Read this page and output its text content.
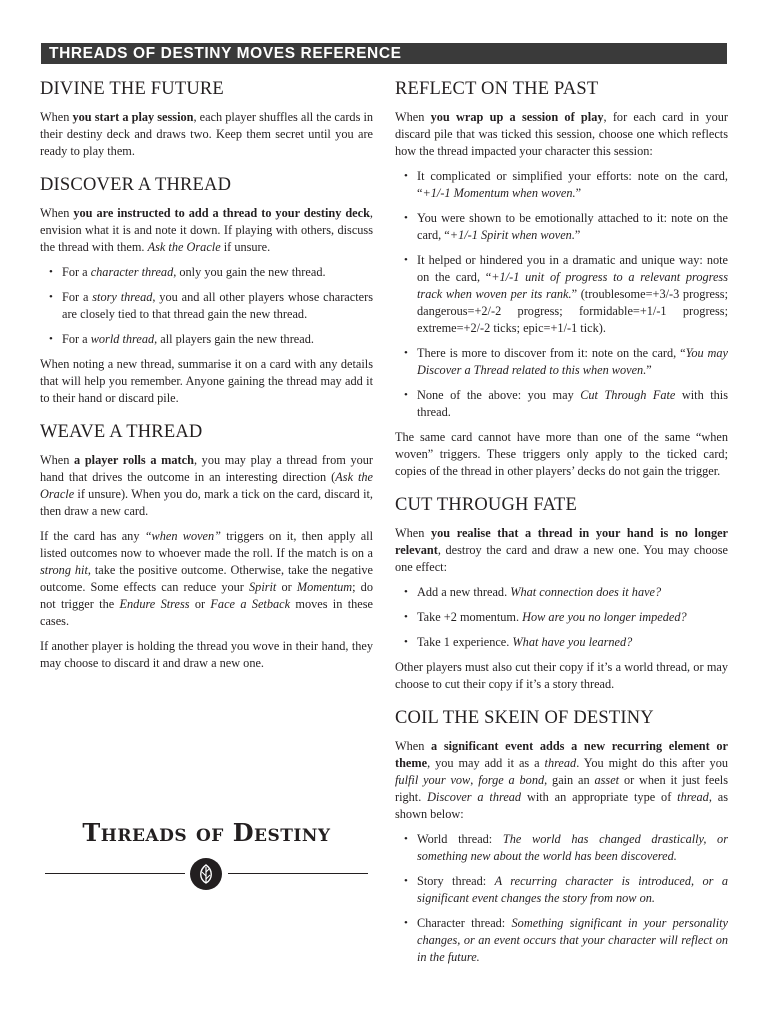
THREADS OF DESTINY MOVES REFERENCE
DIVINE THE FUTURE

When you start a play session, each player shuffles all the cards in their destiny deck and draws two. Keep them secret until you are ready to play them.

DISCOVER A THREAD

When you are instructed to add a thread to your destiny deck, envision what it is and note it down. If playing with others, discuss the thread with them. Ask the Oracle if unsure.

• For a character thread, only you gain the new thread.
• For a story thread, you and all other players whose characters are closely tied to that thread gain the new thread.
• For a world thread, all players gain the new thread.

When noting a new thread, summarise it on a card with any details that will help you remember. Anyone gaining the thread may add it to their hand or discard pile.

WEAVE A THREAD

When a player rolls a match, you may play a thread from your hand that drives the outcome in an interesting direction (Ask the Oracle if unsure). When you do, mark a tick on the card, discard it, then draw a new card.

If the card has any “when woven” triggers on it, then apply all listed outcomes now to whoever made the roll. If the match is on a strong hit, take the positive outcome. Otherwise, take the negative outcome. Some effects can reduce your Spirit or Momentum; do not trigger the Endure Stress or Face a Setback moves in these cases.

If another player is holding the thread you wove in their hand, they may choose to discard it and draw a new one.

Threads of Destiny
REFLECT ON THE PAST

When you wrap up a session of play, for each card in your discard pile that was ticked this session, choose one which reflects how the thread impacted your character this session:

• It complicated or simplified your efforts: note on the card, “+1/-1 Momentum when woven.”
• You were shown to be emotionally attached to it: note on the card, “+1/-1 Spirit when woven.”
• It helped or hindered you in a dramatic and unique way: note on the card, “+1/-1 unit of progress to a relevant progress track when woven per its rank.” (troublesome=+3/-3 progress; dangerous=+2/-2 progress; formidable=+1/-1 progress; extreme=+2/-2 ticks; epic=+1/-1 tick).
• There is more to discover from it: note on the card, “You may Discover a Thread related to this when woven.”
• None of the above: you may Cut Through Fate with this thread.

The same card cannot have more than one of the same “when woven” triggers. These triggers only apply to the ticked card; copies of the thread in other players’ decks do not gain the trigger.

CUT THROUGH FATE

When you realise that a thread in your hand is no longer relevant, destroy the card and draw a new one. You may choose one effect:

• Add a new thread. What connection does it have?
• Take +2 momentum. How are you no longer impeded?
• Take 1 experience. What have you learned?

Other players must also cut their copy if it’s a world thread, or may choose to cut their copy if it’s a story thread.

COIL THE SKEIN OF DESTINY

When a significant event adds a new recurring element or theme, you may add it as a thread. You might do this after you fulfil your vow, forge a bond, gain an asset or when it just feels right. Discover a thread with an appropriate type of thread, as shown below:

• World thread: The world has changed drastically, or something new about the world has been discovered.
• Story thread: A recurring character is introduced, or a significant event changes the story from now on.
• Character thread: Something significant in your personality changes, or an event occurs that your character will reflect on in the future.
